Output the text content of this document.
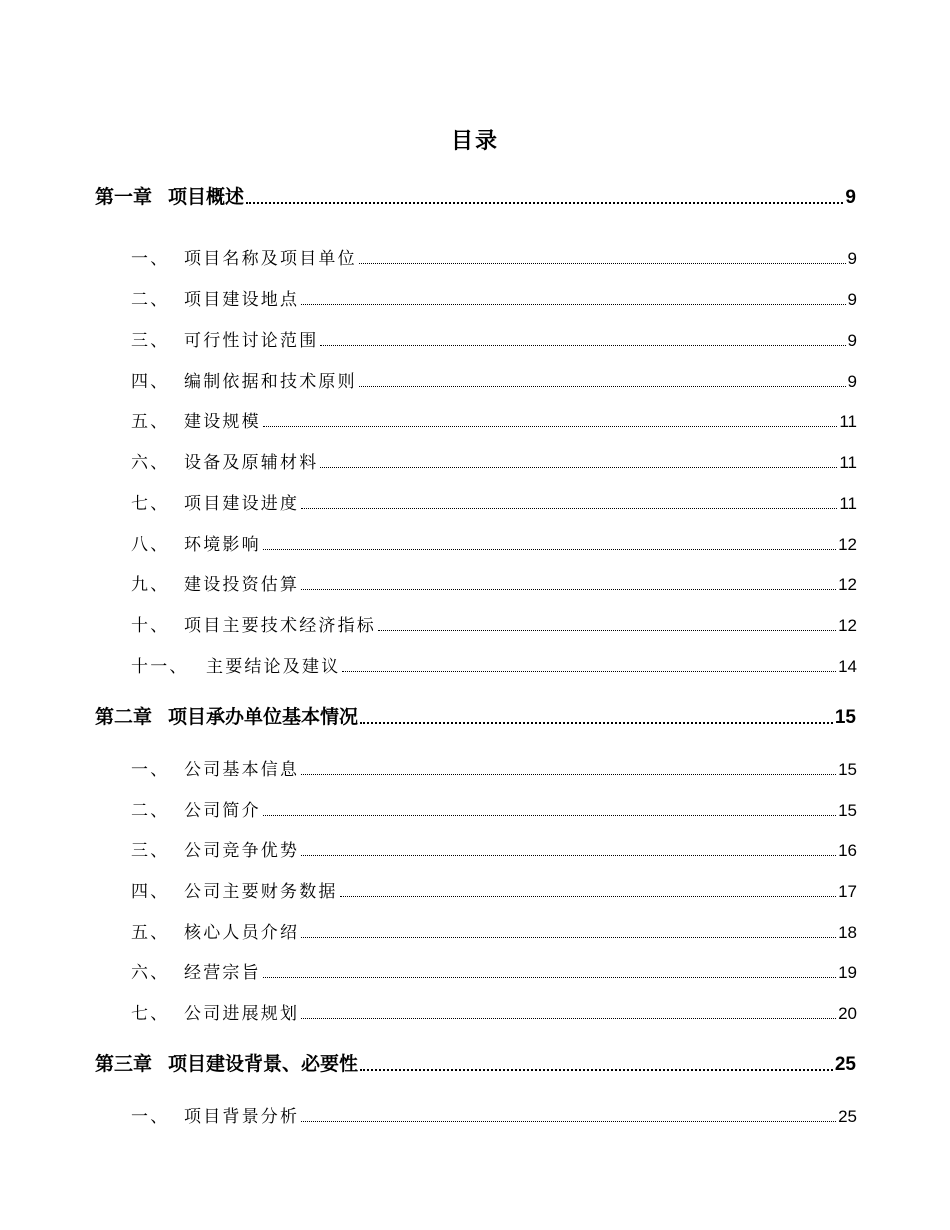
目录
第一章 项目概述	9
一、 项目名称及项目单位	9
二、 项目建设地点	9
三、 可行性讨论范围	9
四、 编制依据和技术原则	9
五、 建设规模	11
六、 设备及原辅材料	11
七、 项目建设进度	11
八、 环境影响	12
九、 建设投资估算	12
十、 项目主要技术经济指标	12
十一、	主要结论及建议	14
第二章 项目承办单位基本情况	15
一、 公司基本信息	15
二、 公司简介	15
三、 公司竞争优势	16
四、 公司主要财务数据	17
五、 核心人员介绍	18
六、 经营宗旨	19
七、 公司进展规划	20
第三章 项目建设背景、必要性	25
一、 项目背景分析	25
